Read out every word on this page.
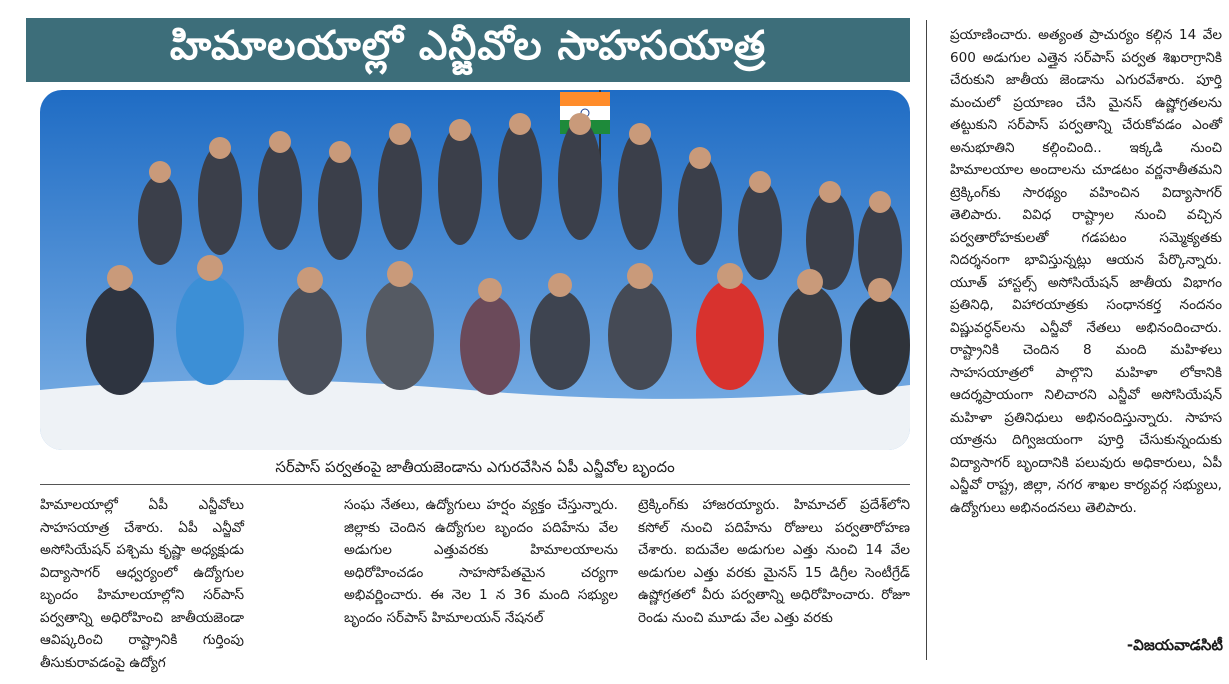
హిమాలయాల్లో ఎన్జీవోల సాహసయాత్ర
సర్‌పాస్ పర్వతంపై జాతీయజెండాను ఎగురవేసిన ఏపీ ఎన్జీవోల బృందం

హిమాలయాల్లో ఏపీ ఎన్జీవోలు సాహసయాత్ర చేశారు. ఏపీ ఎన్జీవో అసోసియేషన్ పశ్చిమ కృష్ణా అధ్యక్షుడు విద్యాసాగర్ ఆధ్వర్యంలో ఉద్యోగుల బృందం హిమాలయాల్లోని సర్‌పాస్ పర్వతాన్ని అధిరోహించి జాతీయజెండా ఆవిష్కరించి రాష్ట్రానికి గుర్తింపు తీసుకురావడంపై ఉద్యోగ

సంఘ నేతలు, ఉద్యోగులు హర్షం వ్యక్తం చేస్తున్నారు. జిల్లాకు చెందిన ఉద్యోగుల బృందం పదిహేను వేల అడుగుల ఎత్తువరకు హిమాలయాలను అధిరోహించడం సాహసోపేతమైన చర్యగా అభివర్ణించారు. ఈ నెల 1 న 36 మంది సభ్యుల బృందం సర్‌పాస్ హిమాలయన్ నేషనల్

ట్రెక్కింగ్‌కు హాజరయ్యారు. హిమాచల్ ప్రదేశ్‌లోని కసోల్ నుంచి పదిహేను రోజులు పర్వతారోహణ చేశారు. ఐదువేల అడుగుల ఎత్తు నుంచి 14 వేల అడుగుల ఎత్తు వరకు మైనస్ 15 డిగ్రీల సెంటీగ్రేడ్ ఉష్ణోగ్రతలో వీరు పర్వతాన్ని అధిరోహించారు. రోజూ రెండు నుంచి మూడు వేల ఎత్తు వరకు

ప్రయాణించారు. అత్యంత ప్రాచుర్యం కల్గిన 14 వేల 600 అడుగుల ఎత్తైన సర్‌పాస్ పర్వత శిఖరాగ్రానికి చేరుకుని జాతీయ జెండాను ఎగురవేశారు. పూర్తి మంచులో ప్రయాణం చేసి మైనస్ ఉష్ణోగ్రతలను తట్టుకుని సర్‌పాస్ పర్వతాన్ని చేరుకోవడం ఎంతో అనుభూతిని కల్గించింది.. ఇక్కడి నుంచి హిమాలయాల అందాలను చూడటం వర్ణనాతీతమని ట్రెక్కింగ్‌కు సారథ్యం వహించిన విద్యాసాగర్ తెలిపారు. వివిధ రాష్ట్రాల నుంచి వచ్చిన పర్వతారోహకులతో గడపటం సమ్మెక్యతకు నిదర్శనంగా భావిస్తున్నట్లు ఆయన పేర్కొన్నారు. యూత్ హాస్టల్స్ అసోసియేషన్ జాతీయ విభాగం ప్రతినిధి, విహారయాత్రకు సంధానకర్త నందనం విష్ణువర్ధన్‌లను ఎన్జీవో నేతలు అభినందించారు. రాష్ట్రానికి చెందిన 8 మంది మహిళలు సాహసయాత్రలో పాల్గొని మహిళా లోకానికి ఆదర్శప్రాయంగా నిలిచారని ఎన్జీవో అసోసియేషన్ మహిళా ప్రతినిధులు అభినందిస్తున్నారు. సాహస యాత్రను దిగ్విజయంగా పూర్తి చేసుకున్నందుకు విద్యాసాగర్ బృందానికి పలువురు అధికారులు, ఏపీ ఎన్జీవో రాష్ట్ర, జిల్లా, నగర శాఖల కార్యవర్గ సభ్యులు, ఉద్యోగులు అభినందనలు తెలిపారు.

-విజయవాడసిటీ
